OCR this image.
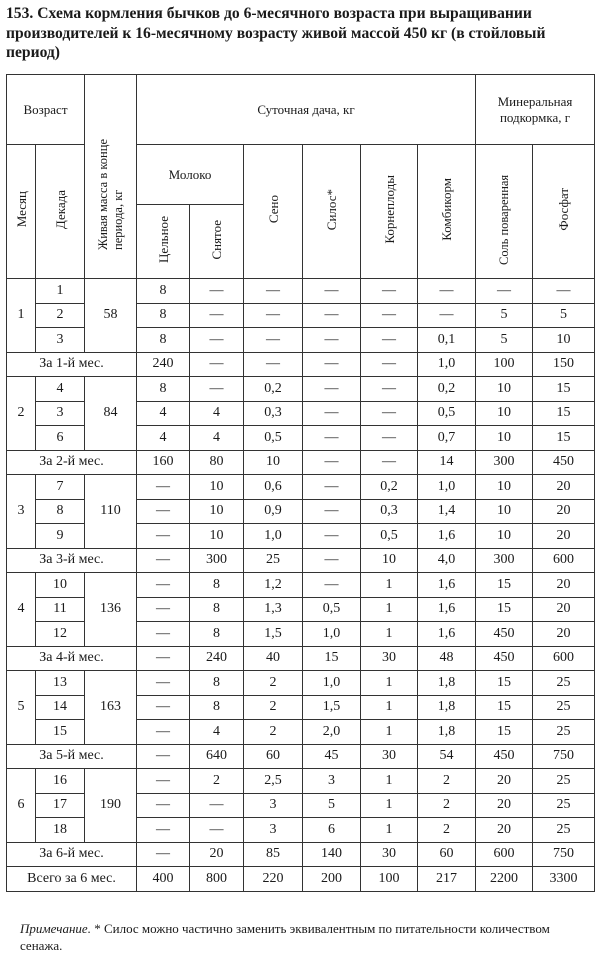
153. Схема кормления бычков до 6-месячного возраста при выращивании производителей к 16-месячному возрасту живой массой 450 кг (в стойловый период)
Возраст		Живая масса в конце периода, кг	Суточная дача, кг						Минеральная подкормка, г	
Месяц	Декада		Молоко		Сено	Силос*	Корнеплоды	Комбикорм	Соль поваренная	Фосфат
			Цельное	Снятое						
1	1	58	8	—	—	—	—	—	—	—
	2		8	—	—	—	—	—	5	5
	3		8	—	—	—	—	0,1	5	10
За 1-й мес.			240	—	—	—	—	1,0	100	150
2	4	84	8	—	0,2	—	—	0,2	10	15
	3		4	4	0,3	—	—	0,5	10	15
	6		4	4	0,5	—	—	0,7	10	15
За 2-й мес.			160	80	10	—	—	14	300	450
3	7	110	—	10	0,6	—	0,2	1,0	10	20
	8		—	10	0,9	—	0,3	1,4	10	20
	9		—	10	1,0	—	0,5	1,6	10	20
За 3-й мес.			—	300	25	—	10	4,0	300	600
4	10	136	—	8	1,2	—	1	1,6	15	20
	11		—	8	1,3	0,5	1	1,6	15	20
	12		—	8	1,5	1,0	1	1,6	450	20
За 4-й мес.			—	240	40	15	30	48	450	600
5	13	163	—	8	2	1,0	1	1,8	15	25
	14		—	8	2	1,5	1	1,8	15	25
	15		—	4	2	2,0	1	1,8	15	25
За 5-й мес.			—	640	60	45	30	54	450	750
6	16	190	—	2	2,5	3	1	2	20	25
	17		—	—	3	5	1	2	20	25
	18		—	—	3	6	1	2	20	25
За 6-й мес.			—	20	85	140	30	60	600	750
Всего за 6 мес.			400	800	220	200	100	217	2200	3300
Примечание. * Силос можно частично заменить эквивалентным по питательности количеством сенажа.
